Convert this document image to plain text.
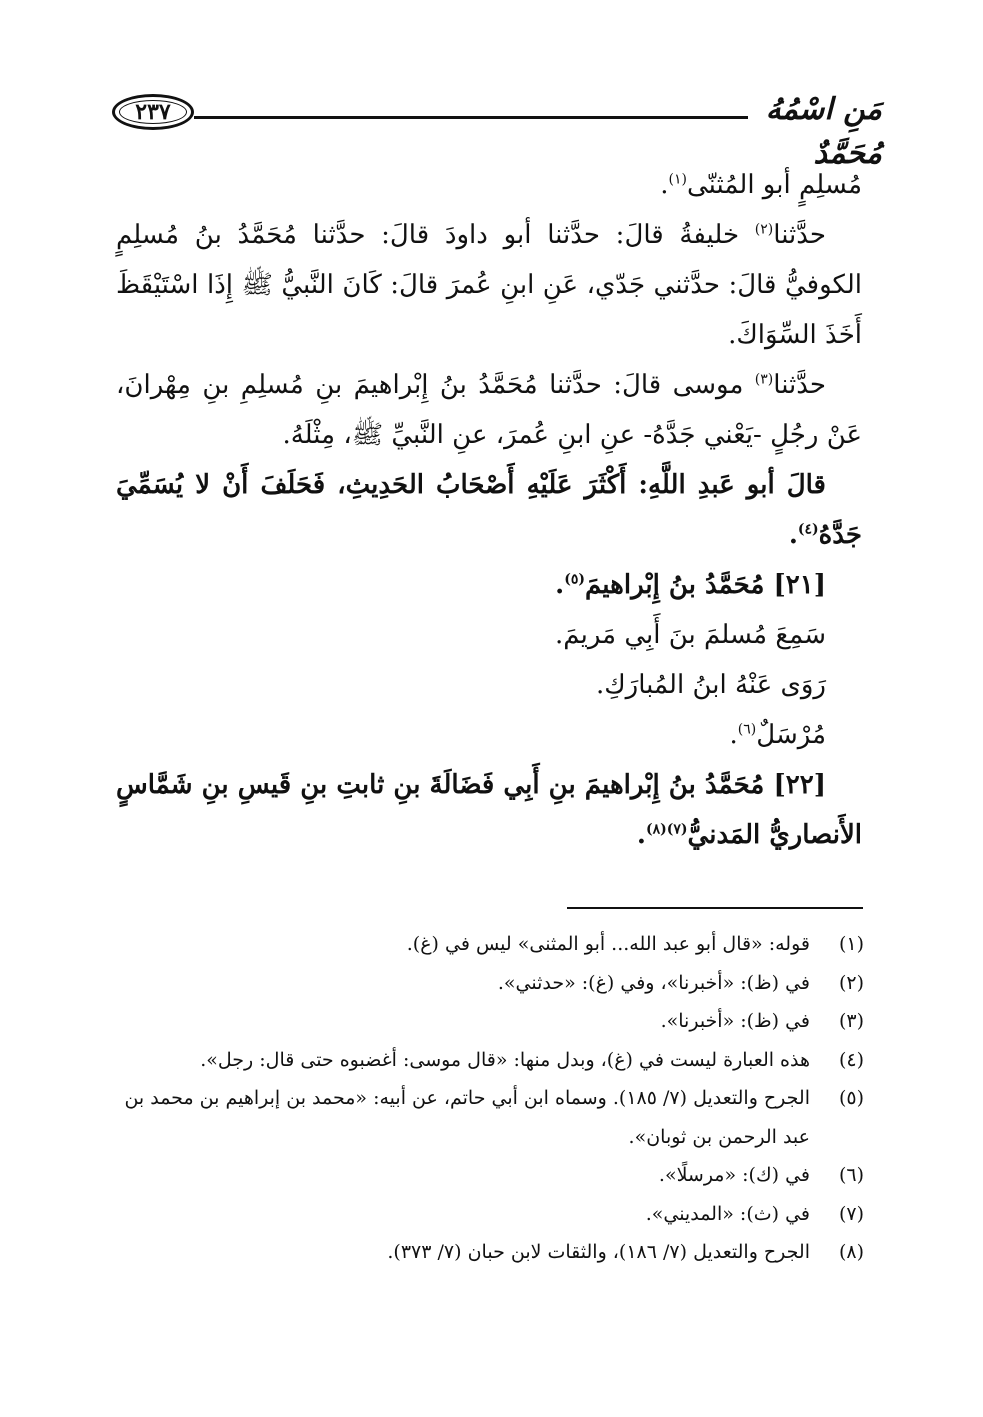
٢٣٧	مَنِ اسْمُهُ مُحَمَّدٌ

مُسلِمٍ أبو المُثنّى$^{(١)}$.

حدَّثنا$^{(٢)}$ خليفةُ قالَ: حدَّثنا أبو داودَ قالَ: حدَّثنا مُحَمَّدُ بنُ مُسلِمٍ الكوفيُّ قالَ: حدَّثني جَدّي، عَنِ ابنِ عُمرَ قالَ: كَانَ النَّبيُّ ﷺ إِذَا اسْتَيْقَظَ أَخَذَ السِّوَاكَ.

حدَّثنا$^{(٣)}$ موسى قالَ: حدَّثنا مُحَمَّدُ بنُ إِبْراهيمَ بنِ مُسلِمِ بنِ مِهْرانَ، عَنْ رجُلٍ -يَعْني جَدَّهُ- عنِ ابنِ عُمرَ، عنِ النَّبيِّ ﷺ، مِثْلَهُ.

قالَ أبو عَبدِ اللَّهِ: أَكْثَرَ عَلَيْهِ أَصْحَابُ الحَدِيثِ، فَحَلَفَ أَنْ لا يُسَمِّيَ جَدَّهُ$^{(٤)}$.

[٢١] مُحَمَّدُ بنُ إِبْراهيمَ$^{(٥)}$.
سَمِعَ مُسلمَ بنَ أَبِي مَريمَ.
رَوَى عَنْهُ ابنُ المُبارَكِ.
مُرْسَلٌ$^{(٦)}$.

[٢٢] مُحَمَّدُ بنُ إِبْراهيمَ بنِ أَبِي فَضَالَةَ بنِ ثابتِ بنِ قَيسِ بنِ شَمَّاسٍ الأَنصاريُّ المَدنيُّ$^{(٧)(٨)}$.

(١)
قوله: «قال أبو عبد الله... أبو المثنى» ليس في (غ).
(٢)
في (ظ): «أخبرنا»، وفي (غ): «حدثني».
(٣)
في (ظ): «أخبرنا».
(٤)
هذه العبارة ليست في (غ)، وبدل منها: «قال موسى: أغضبوه حتى قال: رجل».
(٥)
الجرح والتعديل (٧/ ١٨٥). وسماه ابن أبي حاتم، عن أبيه: «محمد بن إبراهيم بن محمد بن عبد الرحمن بن ثوبان».
(٦)
في (ك): «مرسلًا».
(٧)
في (ث): «المديني».
(٨)
الجرح والتعديل (٧/ ١٨٦)، والثقات لابن حبان (٧/ ٣٧٣).
